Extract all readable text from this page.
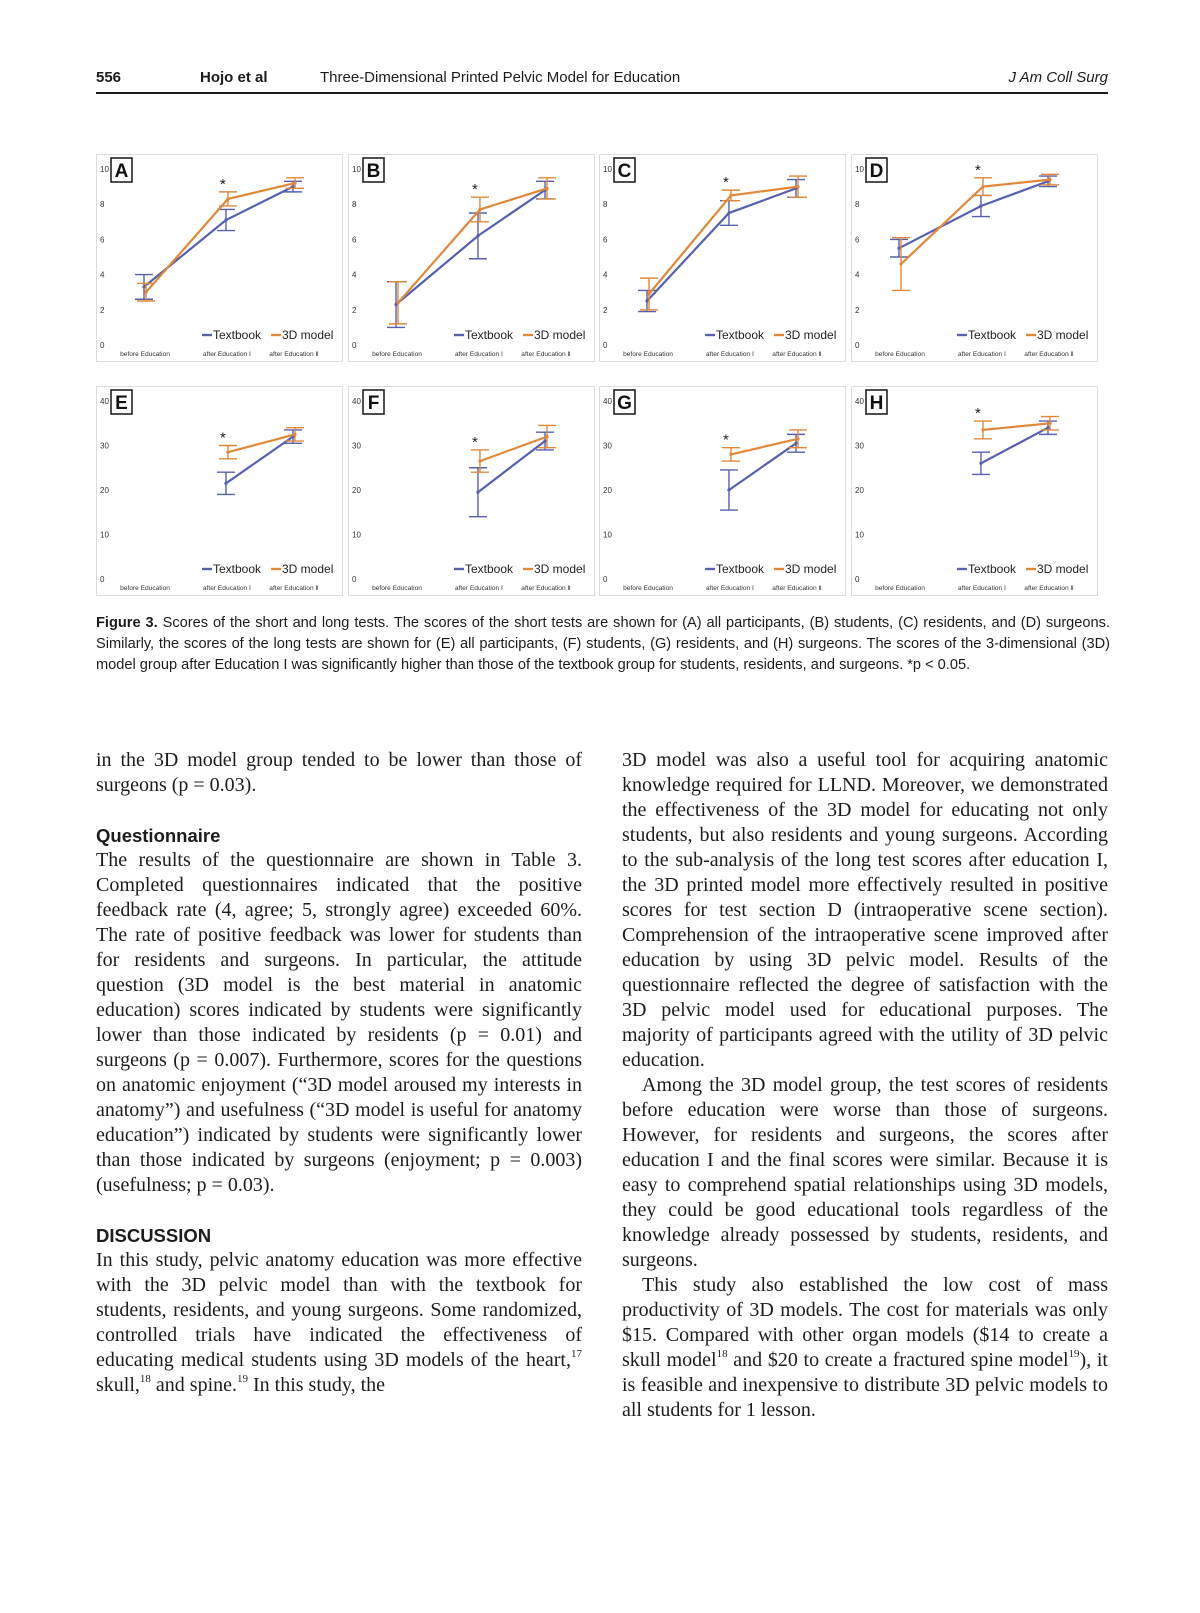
556	Hojo et al	Three-Dimensional Printed Pelvic Model for Education	J Am Coll Surg
0
2
4
6
8
10
before Education	after Education Ⅰ	after Education Ⅱ
A
*
Textbook 3D model
0
2
4
6
8
10
before Education	after Education Ⅰ	after Education Ⅱ
B
*
Textbook 3D model
0
2
4
6
8
10
before Education	after Education Ⅰ	after Education Ⅱ
C
*
Textbook 3D model
0
2
4
6
8
10
before Education	after Education Ⅰ	after Education Ⅱ
D	*
Textbook 3D model
0
10
20
30
40
before Education	after Education Ⅰ	after Education Ⅱ
E
*
Textbook 3D model
0
10
20
30
40
before Education	after Education Ⅰ	after Education Ⅱ
F
*
Textbook 3D model
0
10
20
30
40
before Education	after Education Ⅰ	after Education Ⅱ
G
*
Textbook 3D model
0
10
20
30
40
before Education	after Education Ⅰ	after Education Ⅱ
H	*
Textbook 3D model
Figure 3. Scores of the short and long tests. The scores of the short tests are shown for (A) all participants, (B) students, (C) residents, and (D) surgeons. Similarly, the scores of the long tests are shown for (E) all participants, (F) students, (G) residents, and (H) surgeons. The scores of the 3-dimensional (3D) model group after Education I was significantly higher than those of the textbook group for students, residents, and surgeons. *p < 0.05.

in the 3D model group tended to be lower than those of surgeons (p = 0.03).

Questionnaire

The results of the questionnaire are shown in Table 3. Completed questionnaires indicated that the positive feedback rate (4, agree; 5, strongly agree) exceeded 60%. The rate of positive feedback was lower for students than for residents and surgeons. In particular, the attitude question (3D model is the best material in anatomic education) scores indicated by students were significantly lower than those indicated by residents (p = 0.01) and surgeons (p = 0.007). Furthermore, scores for the questions on anatomic enjoyment (“3D model aroused my interests in anatomy”) and usefulness (“3D model is useful for anatomy education”) indicated by students were significantly lower than those indicated by surgeons (enjoyment; p = 0.003) (usefulness; p = 0.03).

DISCUSSION

In this study, pelvic anatomy education was more effective with the 3D pelvic model than with the textbook for students, residents, and young surgeons. Some randomized, controlled trials have indicated the effectiveness of educating medical students using 3D models of the heart,$^{17}$ skull,$^{18}$ and spine.$^{19}$ In this study, the

3D model was also a useful tool for acquiring anatomic knowledge required for LLND. Moreover, we demonstrated the effectiveness of the 3D model for educating not only students, but also residents and young surgeons. According to the sub-analysis of the long test scores after education I, the 3D printed model more effectively resulted in positive scores for test section D (intraoperative scene section). Comprehension of the intraoperative scene improved after education by using 3D pelvic model. Results of the questionnaire reflected the degree of satisfaction with the 3D pelvic model used for educational purposes. The majority of participants agreed with the utility of 3D pelvic education.

Among the 3D model group, the test scores of residents before education were worse than those of surgeons. However, for residents and surgeons, the scores after education I and the final scores were similar. Because it is easy to comprehend spatial relationships using 3D models, they could be good educational tools regardless of the knowledge already possessed by students, residents, and surgeons.

This study also established the low cost of mass productivity of 3D models. The cost for materials was only $15. Compared with other organ models ($14 to create a skull model$^{18}$ and $20 to create a fractured spine model$^{19}$), it is feasible and inexpensive to distribute 3D pelvic models to all students for 1 lesson.
